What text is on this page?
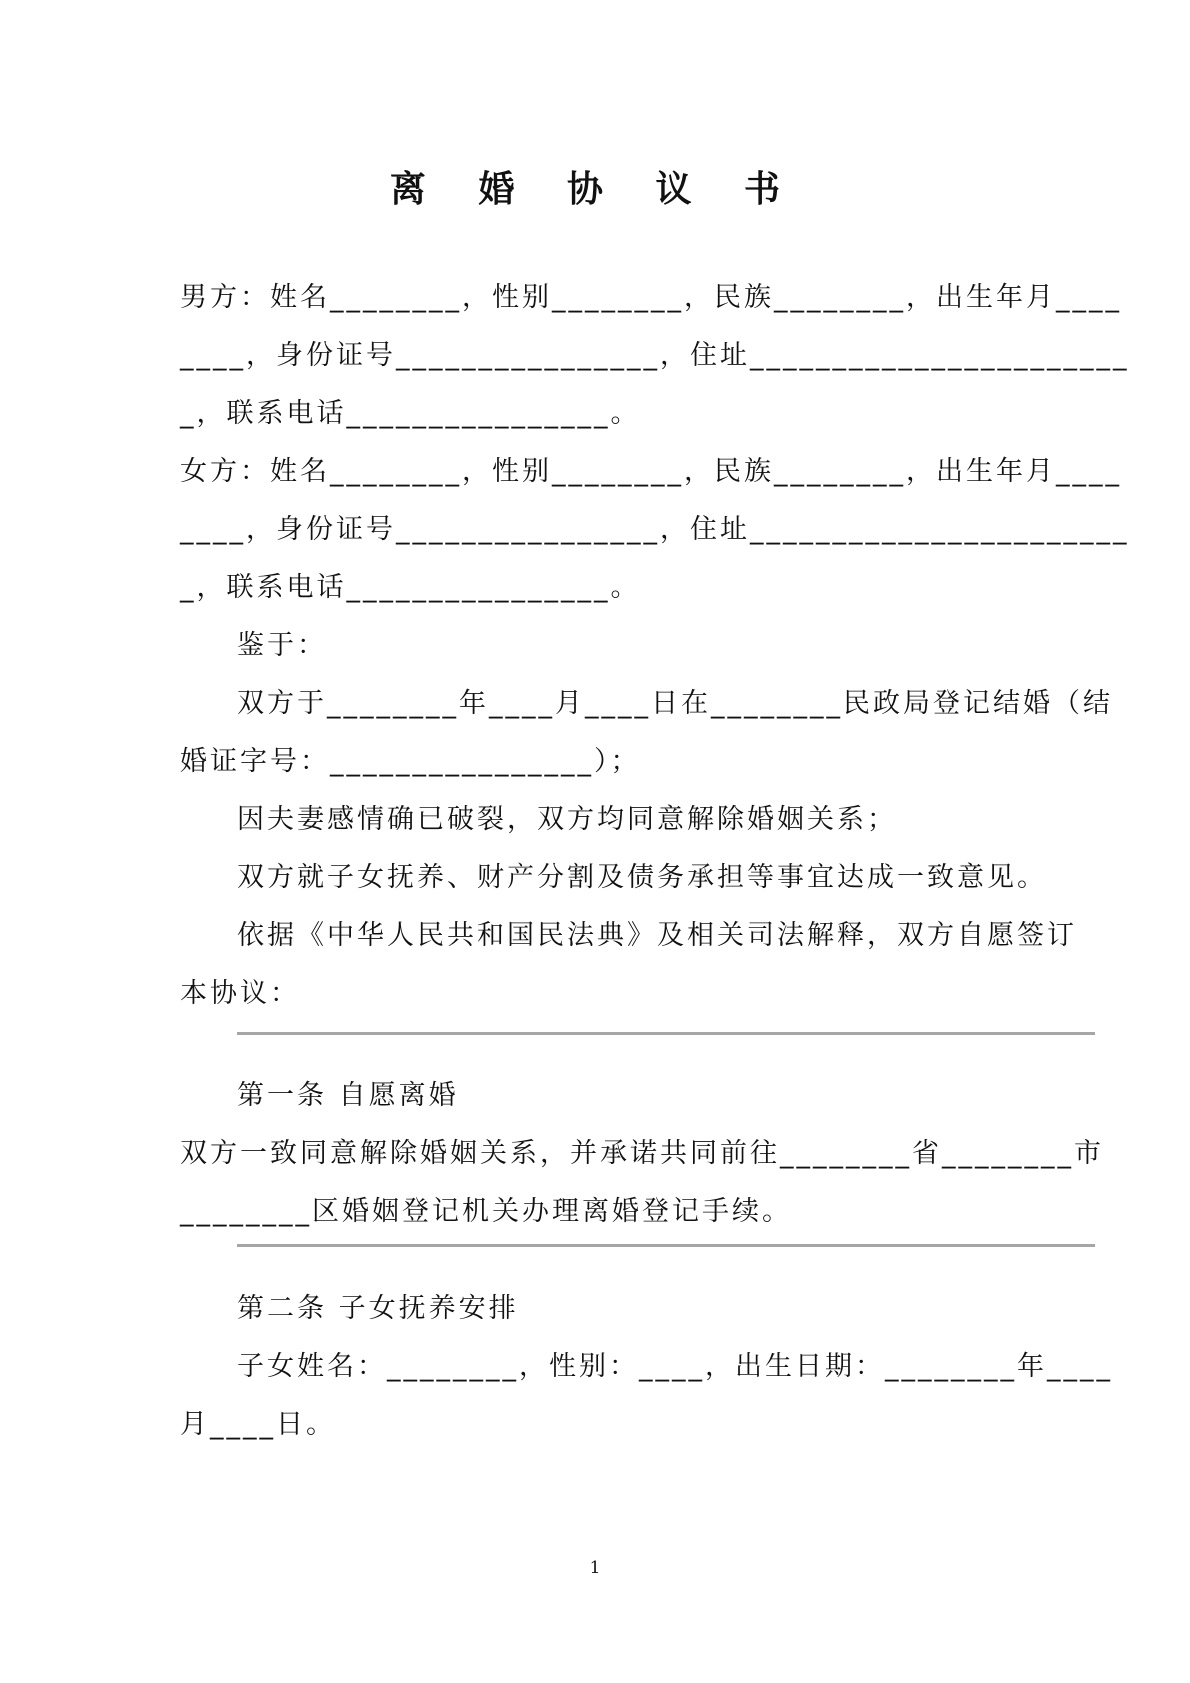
离 婚 协 议 书
男方：姓名________，性别________，民族________，出生年月____
____，身份证号________________，住址_______________________
_，联系电话________________。
女方：姓名________，性别________，民族________，出生年月____
____，身份证号________________，住址_______________________
_，联系电话________________。
鉴于：
双方于________年____月____日在________民政局登记结婚（结
婚证字号：________________）；
因夫妻感情确已破裂，双方均同意解除婚姻关系；
双方就子女抚养、财产分割及债务承担等事宜达成一致意见。
依据《中华人民共和国民法典》及相关司法解释，双方自愿签订
本协议：
第一条 自愿离婚
双方一致同意解除婚姻关系，并承诺共同前往________省________市
________区婚姻登记机关办理离婚登记手续。
第二条 子女抚养安排
子女姓名：________，性别：____，出生日期：________年____
月____日。
1
